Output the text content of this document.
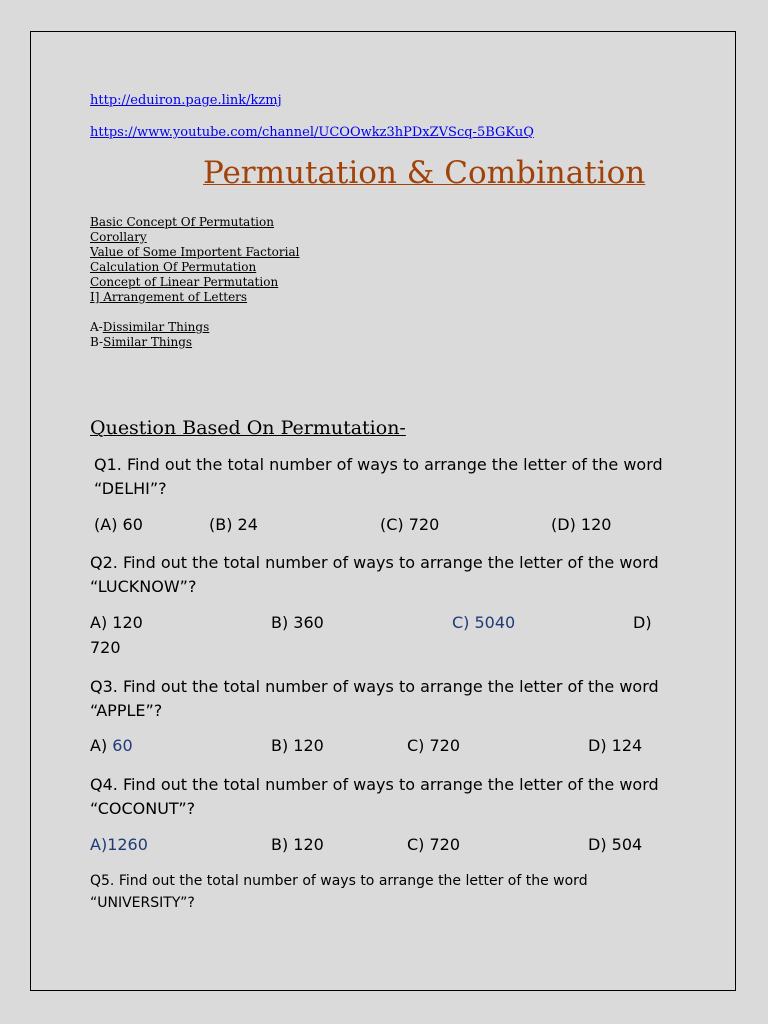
http://eduiron.page.link/kzmj
https://www.youtube.com/channel/UCOOwkz3hPDxZVScq-5BGKuQ
Permutation & Combination
Basic Concept Of Permutation
Corollary
Value of Some Importent Factorial
Calculation Of Permutation
Concept of Linear Permutation
I] Arrangement of Letters
A-Dissimilar Things
B-Similar Things
Question Based On Permutation-
Q1. Find out the total number of ways to arrange the letter of the word “DELHI”?
(A) 60	(B) 24	(C) 720	(D) 120
Q2. Find out the total number of ways to arrange the letter of the word “LUCKNOW”?
A) 120	B) 360	C) 5040	D)
720
Q3. Find out the total number of ways to arrange the letter of the word “APPLE”?
A) 60	B) 120	C) 720	D) 124
Q4. Find out the total number of ways to arrange the letter of the word “COCONUT”?
A)1260	B) 120	C) 720	D) 504
Q5. Find out the total number of ways to arrange the letter of the word “UNIVERSITY”?
